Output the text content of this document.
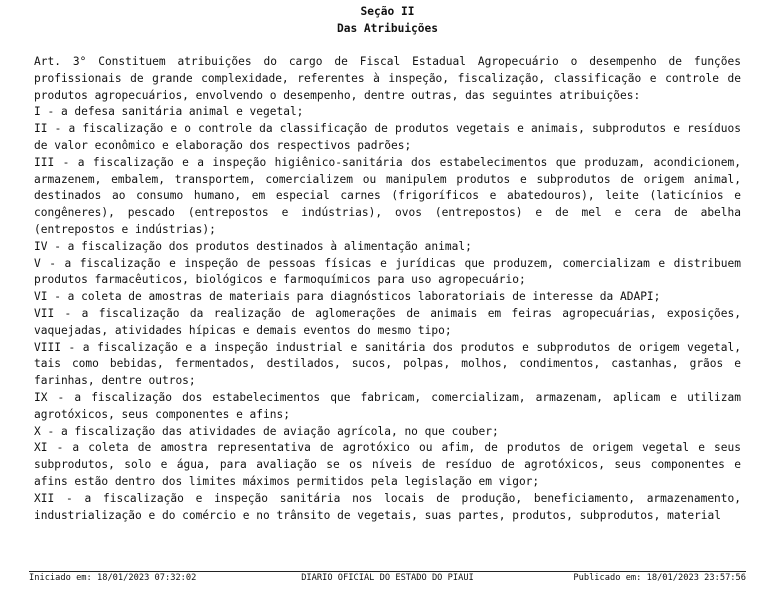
Seção II
Das Atribuições

Art. 3° Constituem atribuições do cargo de Fiscal Estadual Agropecuário o desempenho de funções profissionais de grande complexidade, referentes à inspeção, fiscalização, classificação e controle de produtos agropecuários, envolvendo o desempenho, dentre outras, das seguintes atribuições:

I - a defesa sanitária animal e vegetal;

II - a fiscalização e o controle da classificação de produtos vegetais e animais, subprodutos e resíduos de valor econômico e elaboração dos respectivos padrões;

III - a fiscalização e a inspeção higiênico-sanitária dos estabelecimentos que produzam, acondicionem, armazenem, embalem, transportem, comercializem ou manipulem produtos e subprodutos de origem animal, destinados ao consumo humano, em especial carnes (frigoríficos e abatedouros), leite (laticínios e congêneres), pescado (entrepostos e indústrias), ovos (entrepostos) e de mel e cera de abelha (entrepostos e indústrias);

IV - a fiscalização dos produtos destinados à alimentação animal;

V - a fiscalização e inspeção de pessoas físicas e jurídicas que produzem, comercializam e distribuem produtos farmacêuticos, biológicos e farmoquímicos para uso agropecuário;

VI - a coleta de amostras de materiais para diagnósticos laboratoriais de interesse da ADAPI;

VII - a fiscalização da realização de aglomerações de animais em feiras agropecuárias, exposições, vaquejadas, atividades hípicas e demais eventos do mesmo tipo;

VIII - a fiscalização e a inspeção industrial e sanitária dos produtos e subprodutos de origem vegetal, tais como bebidas, fermentados, destilados, sucos, polpas, molhos, condimentos, castanhas, grãos e farinhas, dentre outros;

IX - a fiscalização dos estabelecimentos que fabricam, comercializam, armazenam, aplicam e utilizam agrotóxicos, seus componentes e afins;

X - a fiscalização das atividades de aviação agrícola, no que couber;

XI - a coleta de amostra representativa de agrotóxico ou afim, de produtos de origem vegetal e seus subprodutos, solo e água, para avaliação se os níveis de resíduo de agrotóxicos, seus componentes e afins estão dentro dos limites máximos permitidos pela legislação em vigor;

XII - a fiscalização e inspeção sanitária nos locais de produção, beneficiamento, armazenamento, industrialização e do comércio e no trânsito de vegetais, suas partes, produtos, subprodutos, material

Iniciado em: 18/01/2023 07:32:02	DIARIO OFICIAL DO ESTADO DO PIAUI	Publicado em: 18/01/2023 23:57:56
